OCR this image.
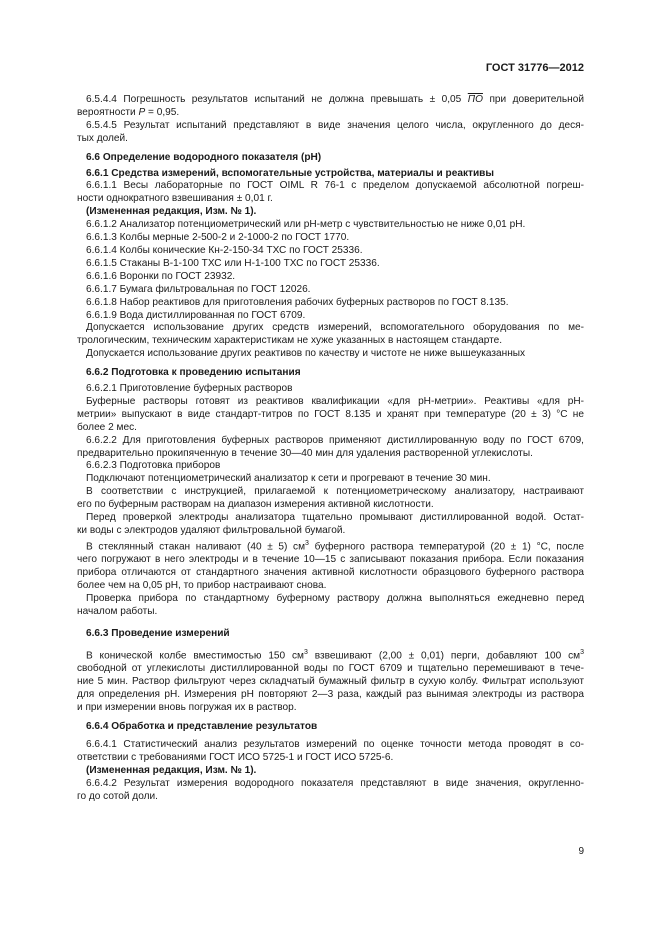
ГОСТ 31776—2012
6.5.4.4 Погрешность результатов испытаний не должна превышать ± 0,05 ПО при доверительной
вероятности P = 0,95.
6.5.4.5 Результат испытаний представляют в виде значения целого числа, округленного до деся-
тых долей.
6.6 Определение водородного показателя (pH)
6.6.1 Средства измерений, вспомогательные устройства, материалы и реактивы
6.6.1.1 Весы лабораторные по ГОСТ OIML R 76-1 с пределом допускаемой абсолютной погреш-
ности однократного взвешивания ± 0,01 г.
(Измененная редакция, Изм. № 1).
6.6.1.2 Анализатор потенциометрический или pH-метр с чувствительностью не ниже 0,01 pH.
6.6.1.3 Колбы мерные 2-500-2 и 2-1000-2 по ГОСТ 1770.
6.6.1.4 Колбы конические Кн-2-150-34 ТХС по ГОСТ 25336.
6.6.1.5 Стаканы В-1-100 ТХС или Н-1-100 ТХС по ГОСТ 25336.
6.6.1.6 Воронки по ГОСТ 23932.
6.6.1.7 Бумага фильтровальная по ГОСТ 12026.
6.6.1.8 Набор реактивов для приготовления рабочих буферных растворов по ГОСТ 8.135.
6.6.1.9 Вода дистиллированная по ГОСТ 6709.
Допускается использование других средств измерений, вспомогательного оборудования по ме-
трологическим, техническим характеристикам не хуже указанных в настоящем стандарте.
Допускается использование других реактивов по качеству и чистоте не ниже вышеуказанных
6.6.2 Подготовка к проведению испытания
6.6.2.1 Приготовление буферных растворов
Буферные растворы готовят из реактивов квалификации «для pH-метрии». Реактивы «для pH-
метрии» выпускают в виде стандарт-титров по ГОСТ 8.135 и хранят при температуре (20 ± 3) °С не
более 2 мес.
6.6.2.2 Для приготовления буферных растворов применяют дистиллированную воду по ГОСТ 6709,
предварительно прокипяченную в течение 30—40 мин для удаления растворенной углекислоты.
6.6.2.3 Подготовка приборов
Подключают потенциометрический анализатор к сети и прогревают в течение 30 мин.
В соответствии с инструкцией, прилагаемой к потенциометрическому анализатору, настраивают
его по буферным растворам на диапазон измерения активной кислотности.
Перед проверкой электроды анализатора тщательно промывают дистиллированной водой. Остат-
ки воды с электродов удаляют фильтровальной бумагой.
В стеклянный стакан наливают (40 ± 5) $см^3$ буферного раствора температурой (20 ± 1) °С, после
чего погружают в него электроды и в течение 10—15 с записывают показания прибора. Если показания
прибора отличаются от стандартного значения активной кислотности образцового буферного раствора
более чем на 0,05 pH, то прибор настраивают снова.
Проверка прибора по стандартному буферному раствору должна выполняться ежедневно перед
началом работы.
6.6.3 Проведение измерений
В конической колбе вместимостью 150 $см^3$ взвешивают (2,00 ± 0,01) перги, добавляют 100 $см^3$
свободной от углекислоты дистиллированной воды по ГОСТ 6709 и тщательно перемешивают в тече-
ние 5 мин. Раствор фильтруют через складчатый бумажный фильтр в сухую колбу. Фильтрат используют
для определения pH. Измерения pH повторяют 2—3 раза, каждый раз вынимая электроды из раствора
и при измерении вновь погружая их в раствор.
6.6.4 Обработка и представление результатов
6.6.4.1 Статистический анализ результатов измерений по оценке точности метода проводят в со-
ответствии с требованиями ГОСТ ИСО 5725-1 и ГОСТ ИСО 5725-6.
(Измененная редакция, Изм. № 1).
6.6.4.2 Результат измерения водородного показателя представляют в виде значения, округленно-
го до сотой доли.
9
